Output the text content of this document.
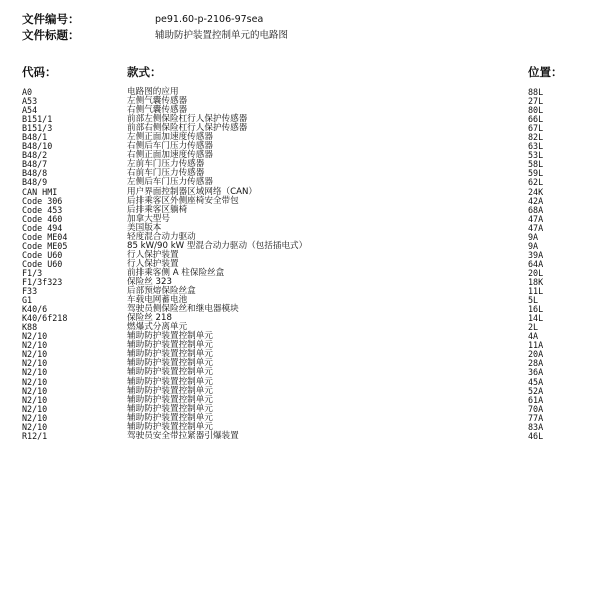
文件编号：	pe91.60-p-2106-97sea
文件标题：	辅助防护装置控制单元的电路图
代码：	款式：	位置：
A0	电路图的应用	88L
A53	左侧气囊传感器	27L
A54	右侧气囊传感器	80L
B151/1	前部左侧保险杠行人保护传感器	66L
B151/3	前部右侧保险杠行人保护传感器	67L
B48/1	左侧正面加速度传感器	82L
B48/10	右侧后车门压力传感器	63L
B48/2	右侧正面加速度传感器	53L
B48/7	左前车门压力传感器	58L
B48/8	右前车门压力传感器	59L
B48/9	左侧后车门压力传感器	62L
CAN HMI	用户界面控制器区域网络（CAN）	24K
Code 306	后排乘客区外侧座椅安全带包	42A
Code 453	后排乘客区躺椅	68A
Code 460	加拿大型号	47A
Code 494	美国版本	47A
Code ME04	轻度混合动力驱动	9A
Code ME05	85 kW/90 kW 型混合动力驱动（包括插电式）	9A
Code U60	行人保护装置	39A
Code U60	行人保护装置	64A
F1/3	前排乘客侧 A 柱保险丝盒	20L
F1/3f323	保险丝 323	18K
F33	后部预熔保险丝盒	11L
G1	车载电网蓄电池	5L
K40/6	驾驶员侧保险丝和继电器模块	16L
K40/6f218	保险丝 218	14L
K88	燃爆式分离单元	2L
N2/10	辅助防护装置控制单元	4A
N2/10	辅助防护装置控制单元	11A
N2/10	辅助防护装置控制单元	20A
N2/10	辅助防护装置控制单元	28A
N2/10	辅助防护装置控制单元	36A
N2/10	辅助防护装置控制单元	45A
N2/10	辅助防护装置控制单元	52A
N2/10	辅助防护装置控制单元	61A
N2/10	辅助防护装置控制单元	70A
N2/10	辅助防护装置控制单元	77A
N2/10	辅助防护装置控制单元	83A
R12/1	驾驶员安全带拉紧器引爆装置	46L
